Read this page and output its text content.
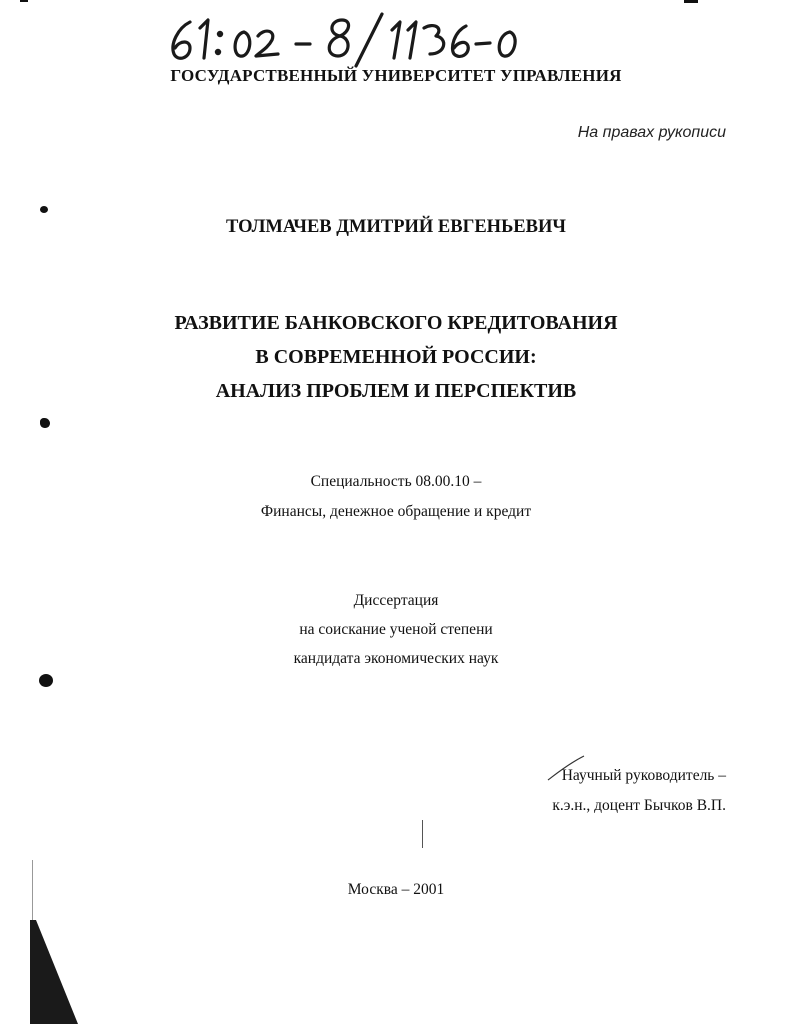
ГОСУДАРСТВЕННЫЙ УНИВЕРСИТЕТ УПРАВЛЕНИЯ
На правах рукописи
ТОЛМАЧЕВ ДМИТРИЙ ЕВГЕНЬЕВИЧ
РАЗВИТИЕ БАНКОВСКОГО КРЕДИТОВАНИЯ
В СОВРЕМЕННОЙ РОССИИ:
АНАЛИЗ ПРОБЛЕМ И ПЕРСПЕКТИВ
Специальность 08.00.10 –
Финансы, денежное обращение и кредит
Диссертация
на соискание ученой степени
кандидата экономических наук
Научный руководитель –
к.э.н., доцент Бычков В.П.
Москва – 2001
